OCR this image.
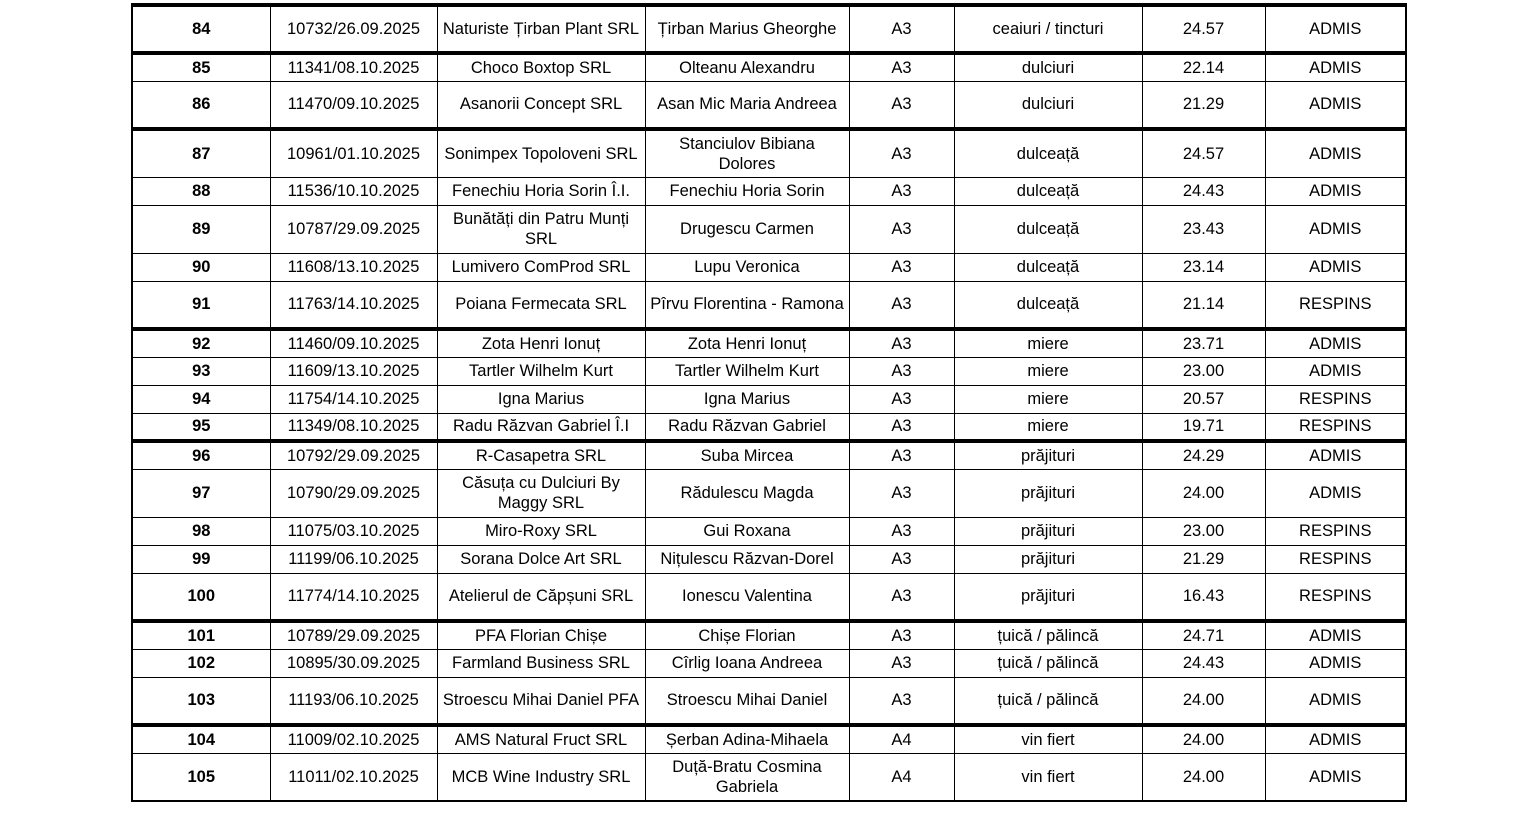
84	10732/26.09.2025	Naturiste Țirban Plant SRL	Țirban Marius Gheorghe	A3	ceaiuri / tincturi	24.57	ADMIS
85	11341/08.10.2025	Choco Boxtop SRL	Olteanu Alexandru	A3	dulciuri	22.14	ADMIS
86	11470/09.10.2025	Asanorii Concept SRL	Asan Mic Maria Andreea	A3	dulciuri	21.29	ADMIS
87	10961/01.10.2025	Sonimpex Topoloveni SRL	Stanciulov Bibiana Dolores	A3	dulceață	24.57	ADMIS
88	11536/10.10.2025	Fenechiu Horia Sorin Î.I.	Fenechiu Horia Sorin	A3	dulceață	24.43	ADMIS
89	10787/29.09.2025	Bunătăți din Patru Munți SRL	Drugescu Carmen	A3	dulceață	23.43	ADMIS
90	11608/13.10.2025	Lumivero ComProd SRL	Lupu Veronica	A3	dulceață	23.14	ADMIS
91	11763/14.10.2025	Poiana Fermecata SRL	Pîrvu Florentina - Ramona	A3	dulceață	21.14	RESPINS
92	11460/09.10.2025	Zota Henri Ionuț	Zota Henri Ionuț	A3	miere	23.71	ADMIS
93	11609/13.10.2025	Tartler Wilhelm Kurt	Tartler Wilhelm Kurt	A3	miere	23.00	ADMIS
94	11754/14.10.2025	Igna Marius	Igna Marius	A3	miere	20.57	RESPINS
95	11349/08.10.2025	Radu Răzvan Gabriel Î.I	Radu Răzvan Gabriel	A3	miere	19.71	RESPINS
96	10792/29.09.2025	R-Casapetra SRL	Suba Mircea	A3	prăjituri	24.29	ADMIS
97	10790/29.09.2025	Căsuța cu Dulciuri By Maggy SRL	Rădulescu Magda	A3	prăjituri	24.00	ADMIS
98	11075/03.10.2025	Miro-Roxy SRL	Gui Roxana	A3	prăjituri	23.00	RESPINS
99	11199/06.10.2025	Sorana Dolce Art SRL	Nițulescu Răzvan-Dorel	A3	prăjituri	21.29	RESPINS
100	11774/14.10.2025	Atelierul de Căpșuni SRL	Ionescu Valentina	A3	prăjituri	16.43	RESPINS
101	10789/29.09.2025	PFA Florian Chișe	Chișe Florian	A3	țuică / pălincă	24.71	ADMIS
102	10895/30.09.2025	Farmland Business SRL	Cîrlig Ioana Andreea	A3	țuică / pălincă	24.43	ADMIS
103	11193/06.10.2025	Stroescu Mihai Daniel PFA	Stroescu Mihai Daniel	A3	țuică / pălincă	24.00	ADMIS
104	11009/02.10.2025	AMS Natural Fruct SRL	Șerban Adina-Mihaela	A4	vin fiert	24.00	ADMIS
105	11011/02.10.2025	MCB Wine Industry SRL	Duță-Bratu Cosmina Gabriela	A4	vin fiert	24.00	ADMIS
